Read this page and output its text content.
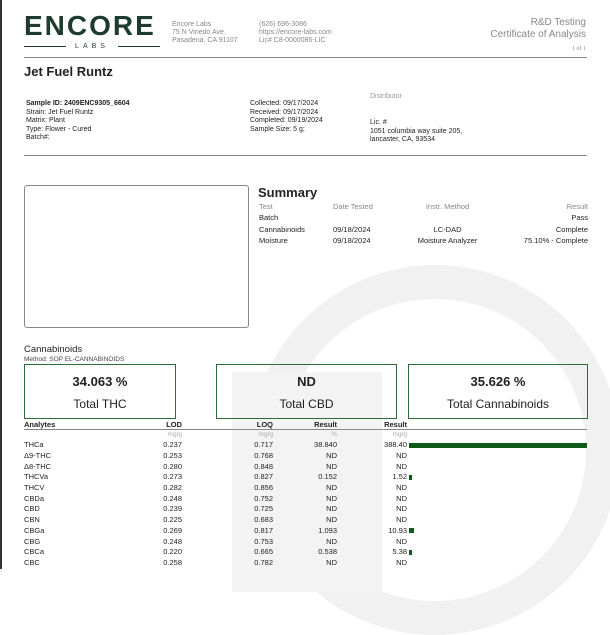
ENCORE
LABS
Encore Labs
75 N Vinedo Ave.
Pasadena, CA 91107
(626) 696-3086
https://encore-labs.com
Lic# C8-0000086-LIC
R&D Testing
Certificate of Analysis
1 of 1
Jet Fuel Runtz
Sample ID: 2409ENC9305_6604
Strain: Jet Fuel Runtz
Matrix: Plant
Type: Flower - Cured
Batch#:
Collected: 09/17/2024
Received: 09/17/2024
Completed: 09/19/2024
Sample Size: 5 g;
Distributor
Lic. #
1051 columbia way suite 205,
lancaster, CA, 93534
Summary
Test	Date Tested	Instr. Method	Result
Batch			Pass
Cannabinoids	09/18/2024	LC-DAD	Complete
Moisture	09/18/2024	Moisture Analyzer	75.10% - Complete
Cannabinoids
Method: SOP EL-CANNABINOIDS
34.063 %
Total THC
ND
Total CBD
35.626 %
Total Cannabinoids
Analytes	LOD	LOQ	Result	Result	
	mg/g	mg/g	%	mg/g	
THCa	0.237	0.717	38.840	388.40	
Δ9-THC	0.253	0.768	ND	ND	
Δ8-THC	0.280	0.848	ND	ND	
THCVa	0.273	0.827	0.152	1.52	
THCV	0.282	0.856	ND	ND	
CBDa	0.248	0.752	ND	ND	
CBD	0.239	0.725	ND	ND	
CBN	0.225	0.683	ND	ND	
CBGa	0.269	0.817	1.093	10.93	
CBG	0.248	0.753	ND	ND	
CBCa	0.220	0.665	0.538	5.38	
CBC	0.258	0.782	ND	ND	
